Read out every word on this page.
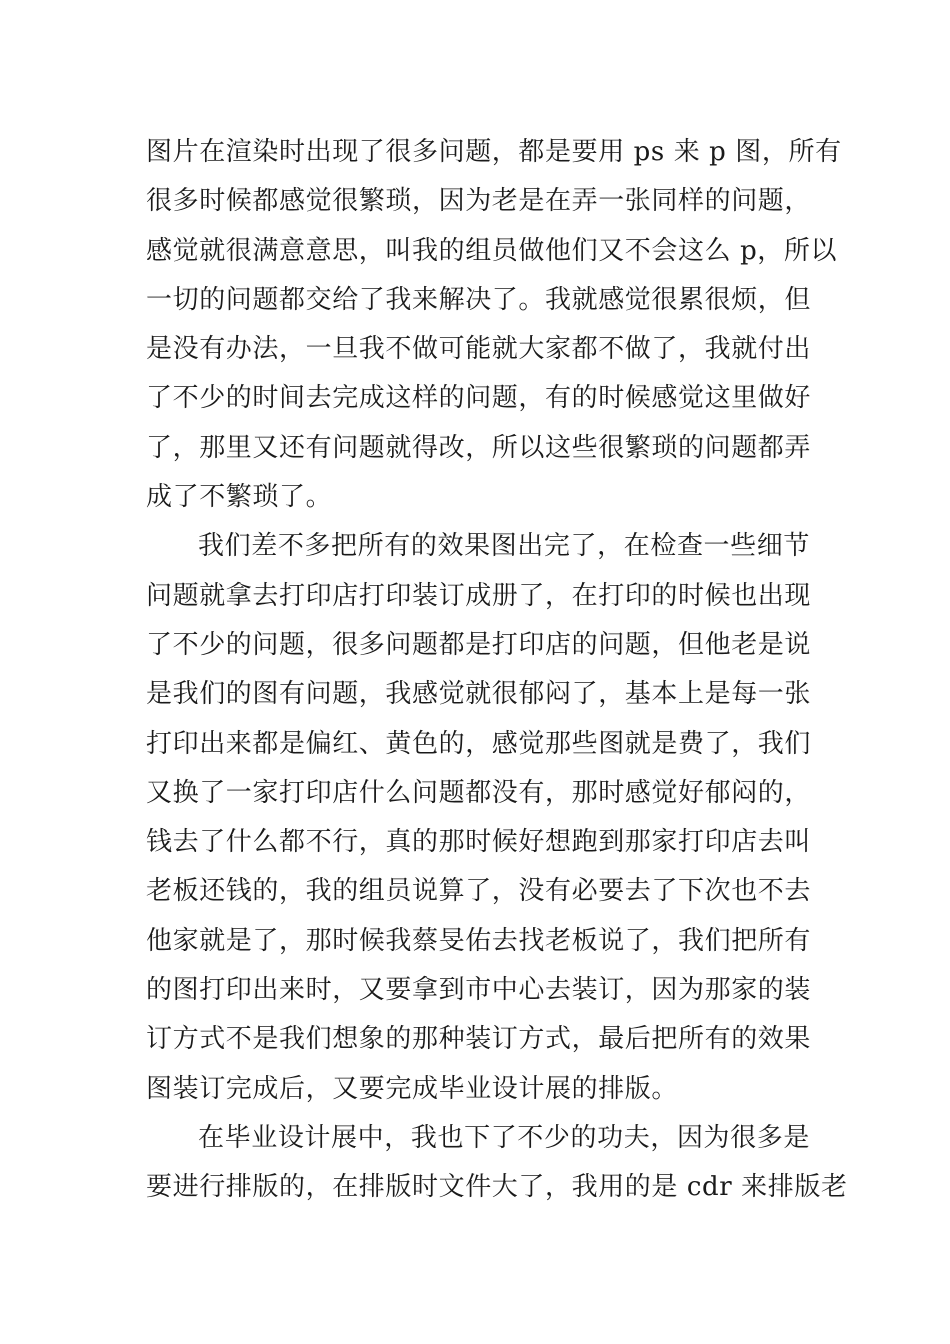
图片在渲染时出现了很多问题，都是要用 ps 来 p 图，所有
很多时候都感觉很繁琐，因为老是在弄一张同样的问题，
感觉就很满意意思，叫我的组员做他们又不会这么 p，所以
一切的问题都交给了我来解决了。我就感觉很累很烦，但
是没有办法，一旦我不做可能就大家都不做了，我就付出
了不少的时间去完成这样的问题，有的时候感觉这里做好
了，那里又还有问题就得改，所以这些很繁琐的问题都弄
成了不繁琐了。
我们差不多把所有的效果图出完了，在检查一些细节
问题就拿去打印店打印装订成册了，在打印的时候也出现
了不少的问题，很多问题都是打印店的问题，但他老是说
是我们的图有问题，我感觉就很郁闷了，基本上是每一张
打印出来都是偏红、黄色的，感觉那些图就是费了，我们
又换了一家打印店什么问题都没有，那时感觉好郁闷的，
钱去了什么都不行，真的那时候好想跑到那家打印店去叫
老板还钱的，我的组员说算了，没有必要去了下次也不去
他家就是了，那时候我蔡旻佑去找老板说了，我们把所有
的图打印出来时，又要拿到市中心去装订，因为那家的装
订方式不是我们想象的那种装订方式，最后把所有的效果
图装订完成后，又要完成毕业设计展的排版。
在毕业设计展中，我也下了不少的功夫，因为很多是
要进行排版的，在排版时文件大了，我用的是 cdr 来排版老
